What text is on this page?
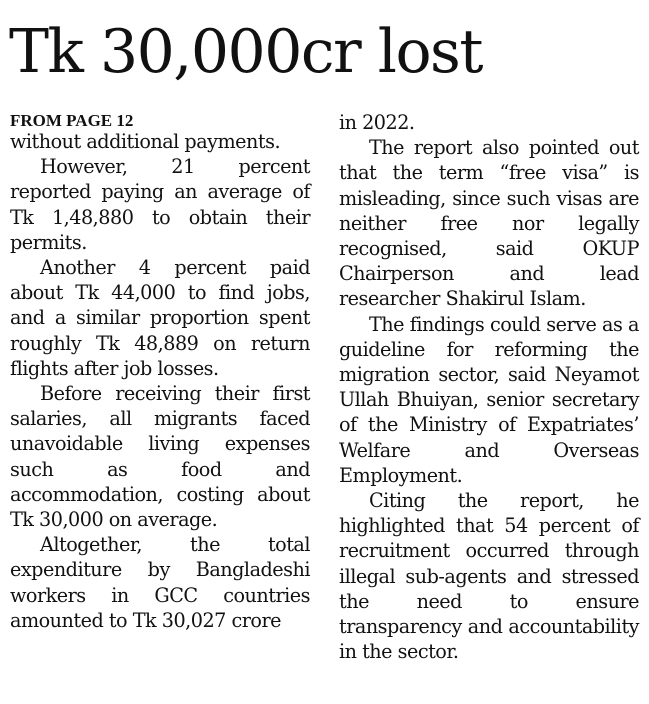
Tk 30,000cr lost
FROM PAGE 12

without additional payments.

However, 21 percent reported paying an average of Tk 1,48,880 to obtain their permits.

Another 4 percent paid about Tk 44,000 to find jobs, and a similar proportion spent roughly Tk 48,889 on return flights after job losses.

Before receiving their first salaries, all migrants faced unavoidable living expenses such as food and accommodation, costing about Tk 30,000 on average.

Altogether, the total expenditure by Bangladeshi workers in GCC countries amounted to Tk 30,027 crore

in 2022.

The report also pointed out that the term “free visa” is misleading, since such visas are neither free nor legally recognised, said OKUP Chairperson and lead researcher Shakirul Islam.

The findings could serve as a guideline for reforming the migration sector, said Neyamot Ullah Bhuiyan, senior secretary of the Ministry of Expatriates’ Welfare and Overseas Employment.

Citing the report, he highlighted that 54 percent of recruitment occurred through illegal sub-agents and stressed the need to ensure transparency and accountability in the sector.
